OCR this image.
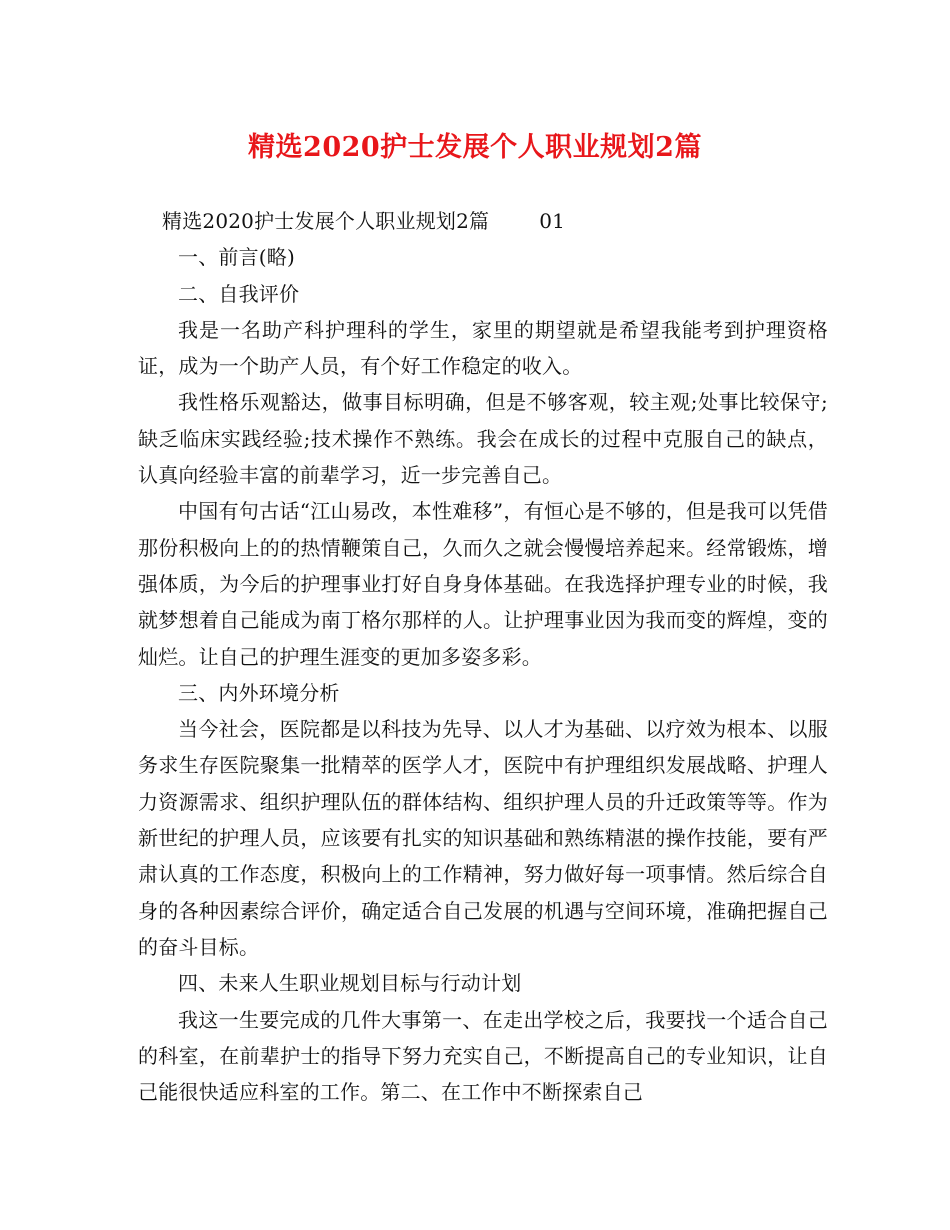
精选2020护士发展个人职业规划2篇

精选2020护士发展个人职业规划2篇	01

一、前言(略)

二、自我评价

我是一名助产科护理科的学生，家里的期望就是希望我能考到护理资格证，成为一个助产人员，有个好工作稳定的收入。

我性格乐观豁达，做事目标明确，但是不够客观，较主观;处事比较保守;缺乏临床实践经验;技术操作不熟练。我会在成长的过程中克服自己的缺点，认真向经验丰富的前辈学习，近一步完善自己。

中国有句古话“江山易改，本性难移”，有恒心是不够的，但是我可以凭借那份积极向上的的热情鞭策自己，久而久之就会慢慢培养起来。经常锻炼，增强体质，为今后的护理事业打好自身身体基础。在我选择护理专业的时候，我就梦想着自己能成为南丁格尔那样的人。让护理事业因为我而变的辉煌，变的灿烂。让自己的护理生涯变的更加多姿多彩。

三、内外环境分析

当今社会，医院都是以科技为先导、以人才为基础、以疗效为根本、以服务求生存医院聚集一批精萃的医学人才，医院中有护理组织发展战略、护理人力资源需求、组织护理队伍的群体结构、组织护理人员的升迁政策等等。作为新世纪的护理人员，应该要有扎实的知识基础和熟练精湛的操作技能，要有严肃认真的工作态度，积极向上的工作精神，努力做好每一项事情。然后综合自身的各种因素综合评价，确定适合自己发展的机遇与空间环境，准确把握自己的奋斗目标。

四、未来人生职业规划目标与行动计划

我这一生要完成的几件大事第一、在走出学校之后，我要找一个适合自己的科室，在前辈护士的指导下努力充实自己，不断提高自己的专业知识，让自己能很快适应科室的工作。第二、在工作中不断探索自己
